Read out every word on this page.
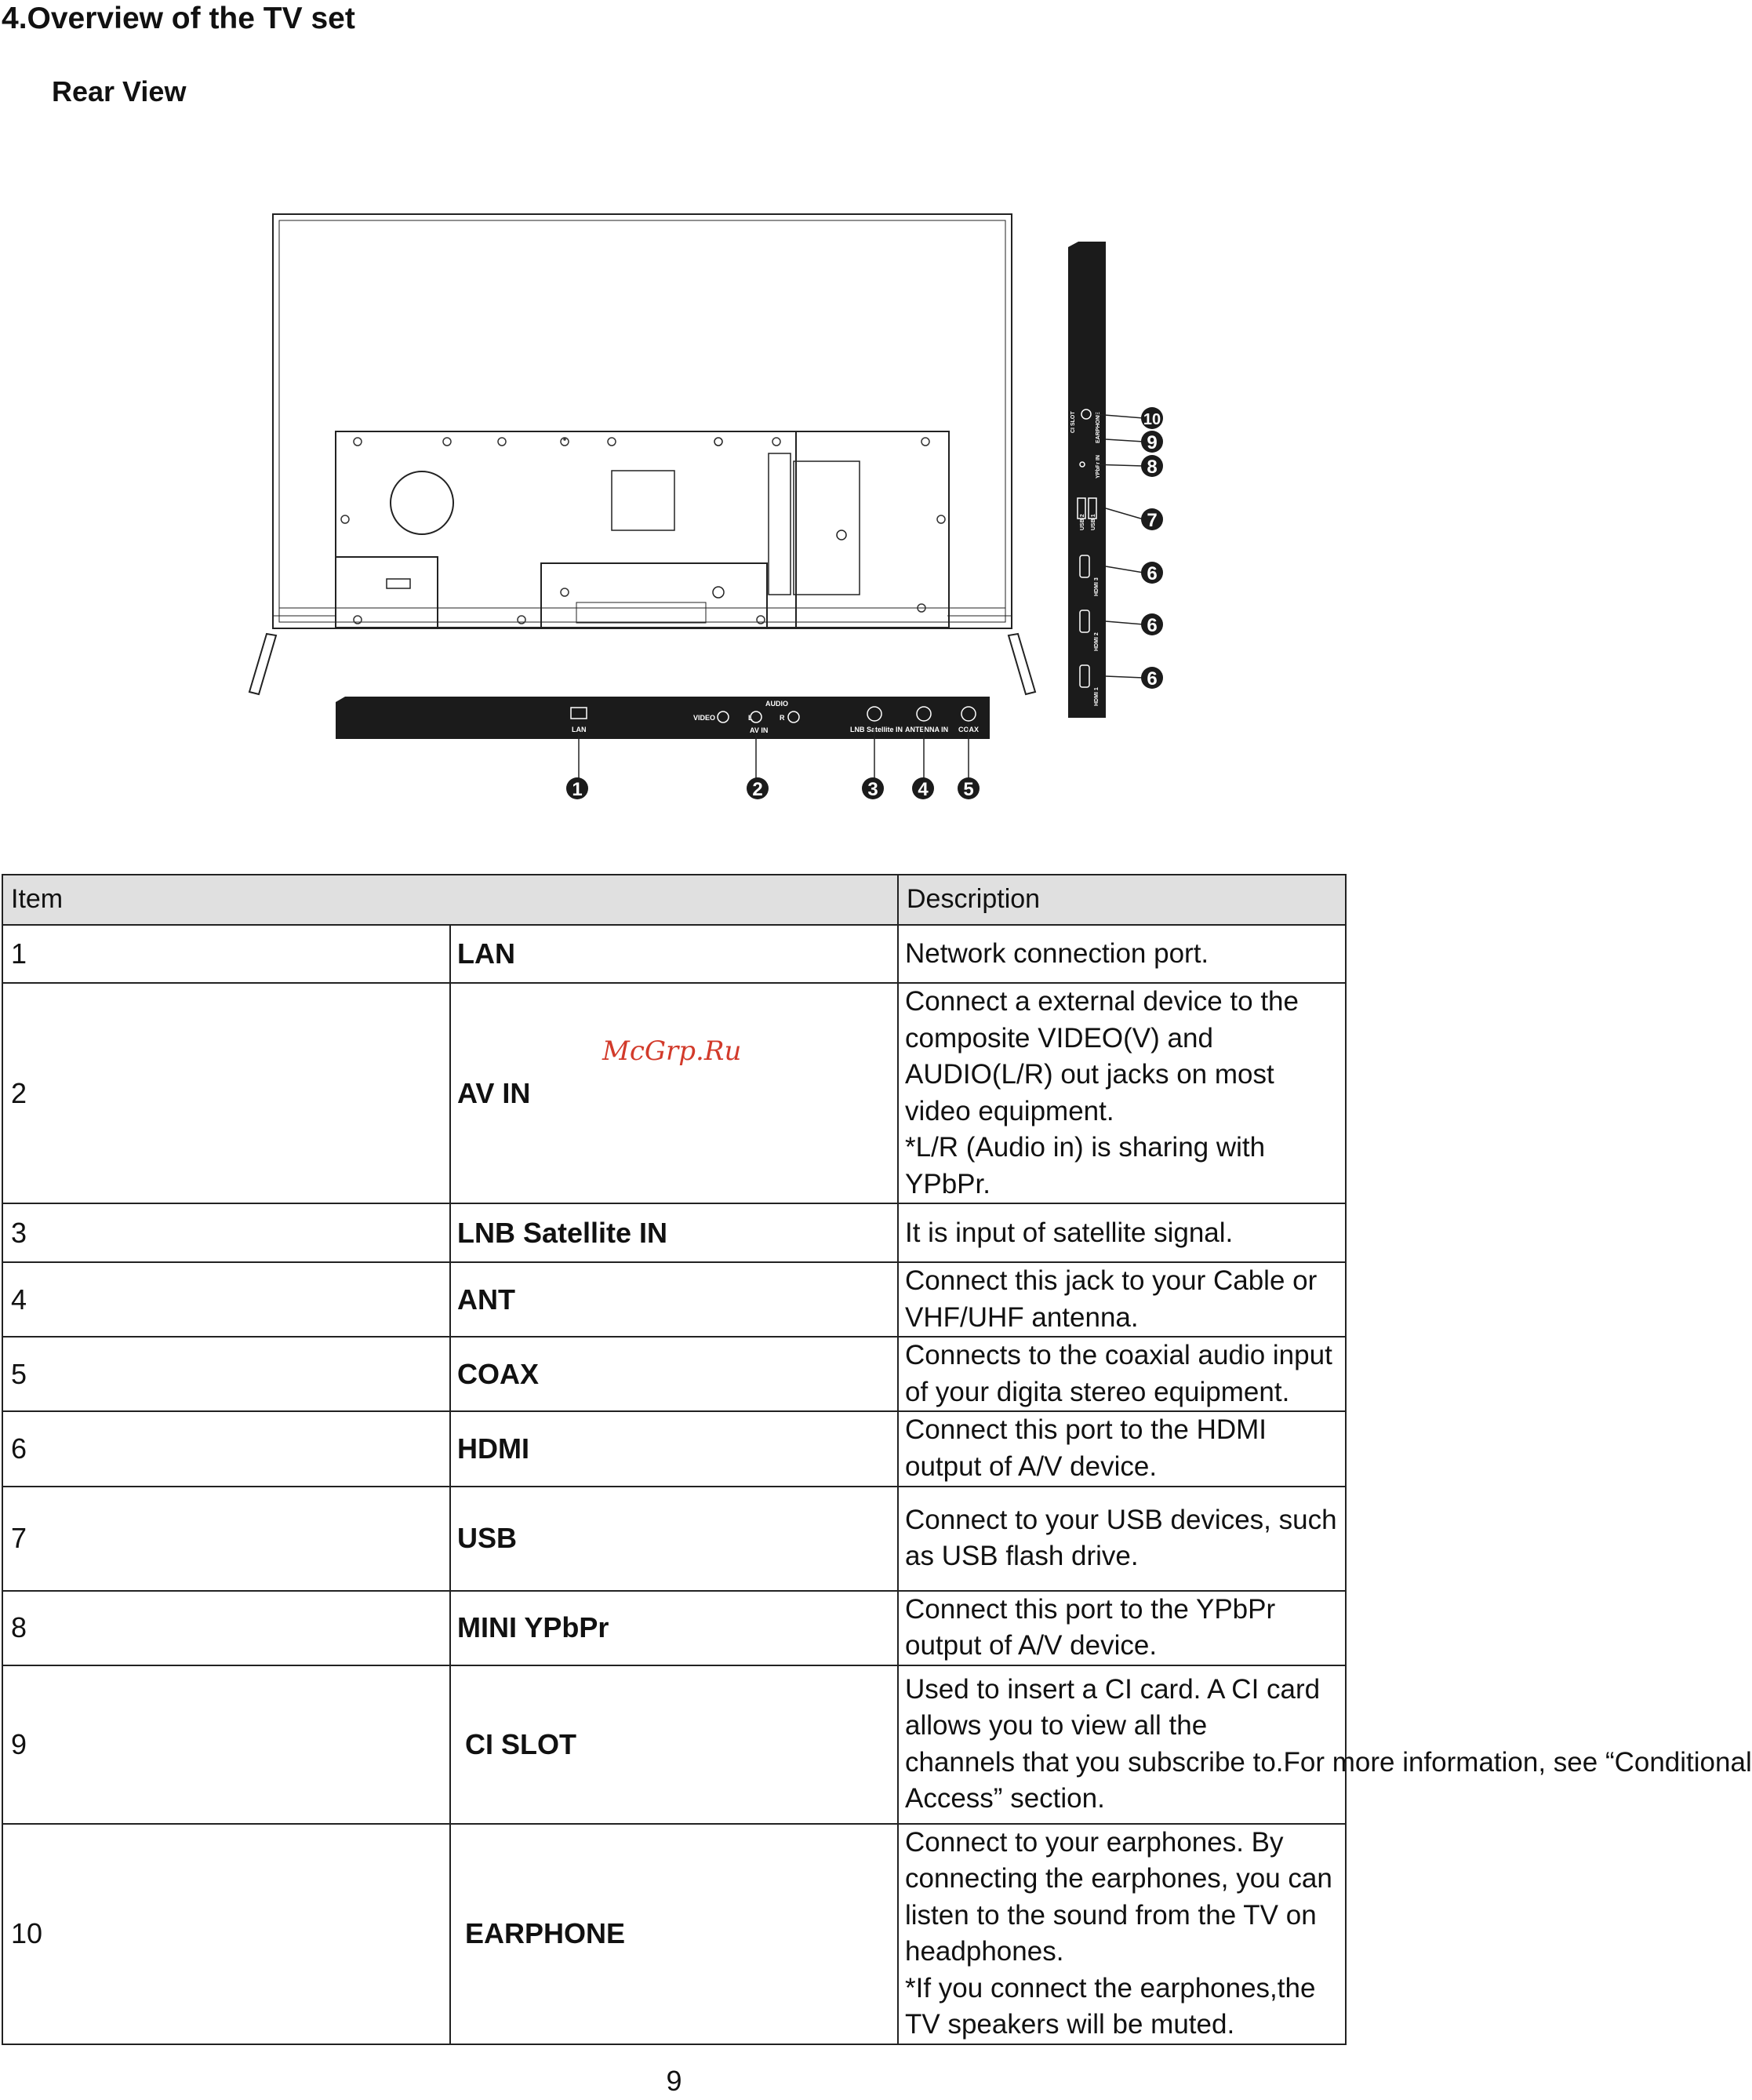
4.Overview of the TV set
Rear View
LAN
VIDEO
AUDIO
L	R
AV IN	LNB Satellite IN ANTENNA IN COAX
CI SLOT	EARPHONE
YPbPr IN
USB 2 USB 1
HDMI 3
HDMI 2
HDMI 1
1	2	3 4 5
6
6
6
7
8
9
10
Item		Description
1	LAN	Network connection port.

2	AV IN	Connect a external device to the composite VIDEO(V) and
AUDIO(L/R) out jacks on most video equipment.
*L/R (Audio in) is sharing with YPbPr.

3	LNB Satellite IN	It is input of satellite signal.

4	ANT	Connect this jack to your Cable or VHF/UHF antenna.

5	COAX	Connects to the coaxial audio input of your digita stereo equipment.

6	HDMI	Connect this port to the HDMI output of A/V device.

7	USB	Connect to your USB devices, such as USB flash drive.

8	MINI YPbPr	Connect this port to the YPbPr output of A/V device.

9	CI SLOT	Used to insert a CI card. A CI card allows you to view all the
channels that you subscribe to.For more information, see “Conditional
Access” section.

10	EARPHONE	Connect to your earphones. By connecting the earphones, you can
listen to the sound from the TV on headphones.
*If you connect the earphones,the TV speakers will be muted.
McGrp.Ru
9
